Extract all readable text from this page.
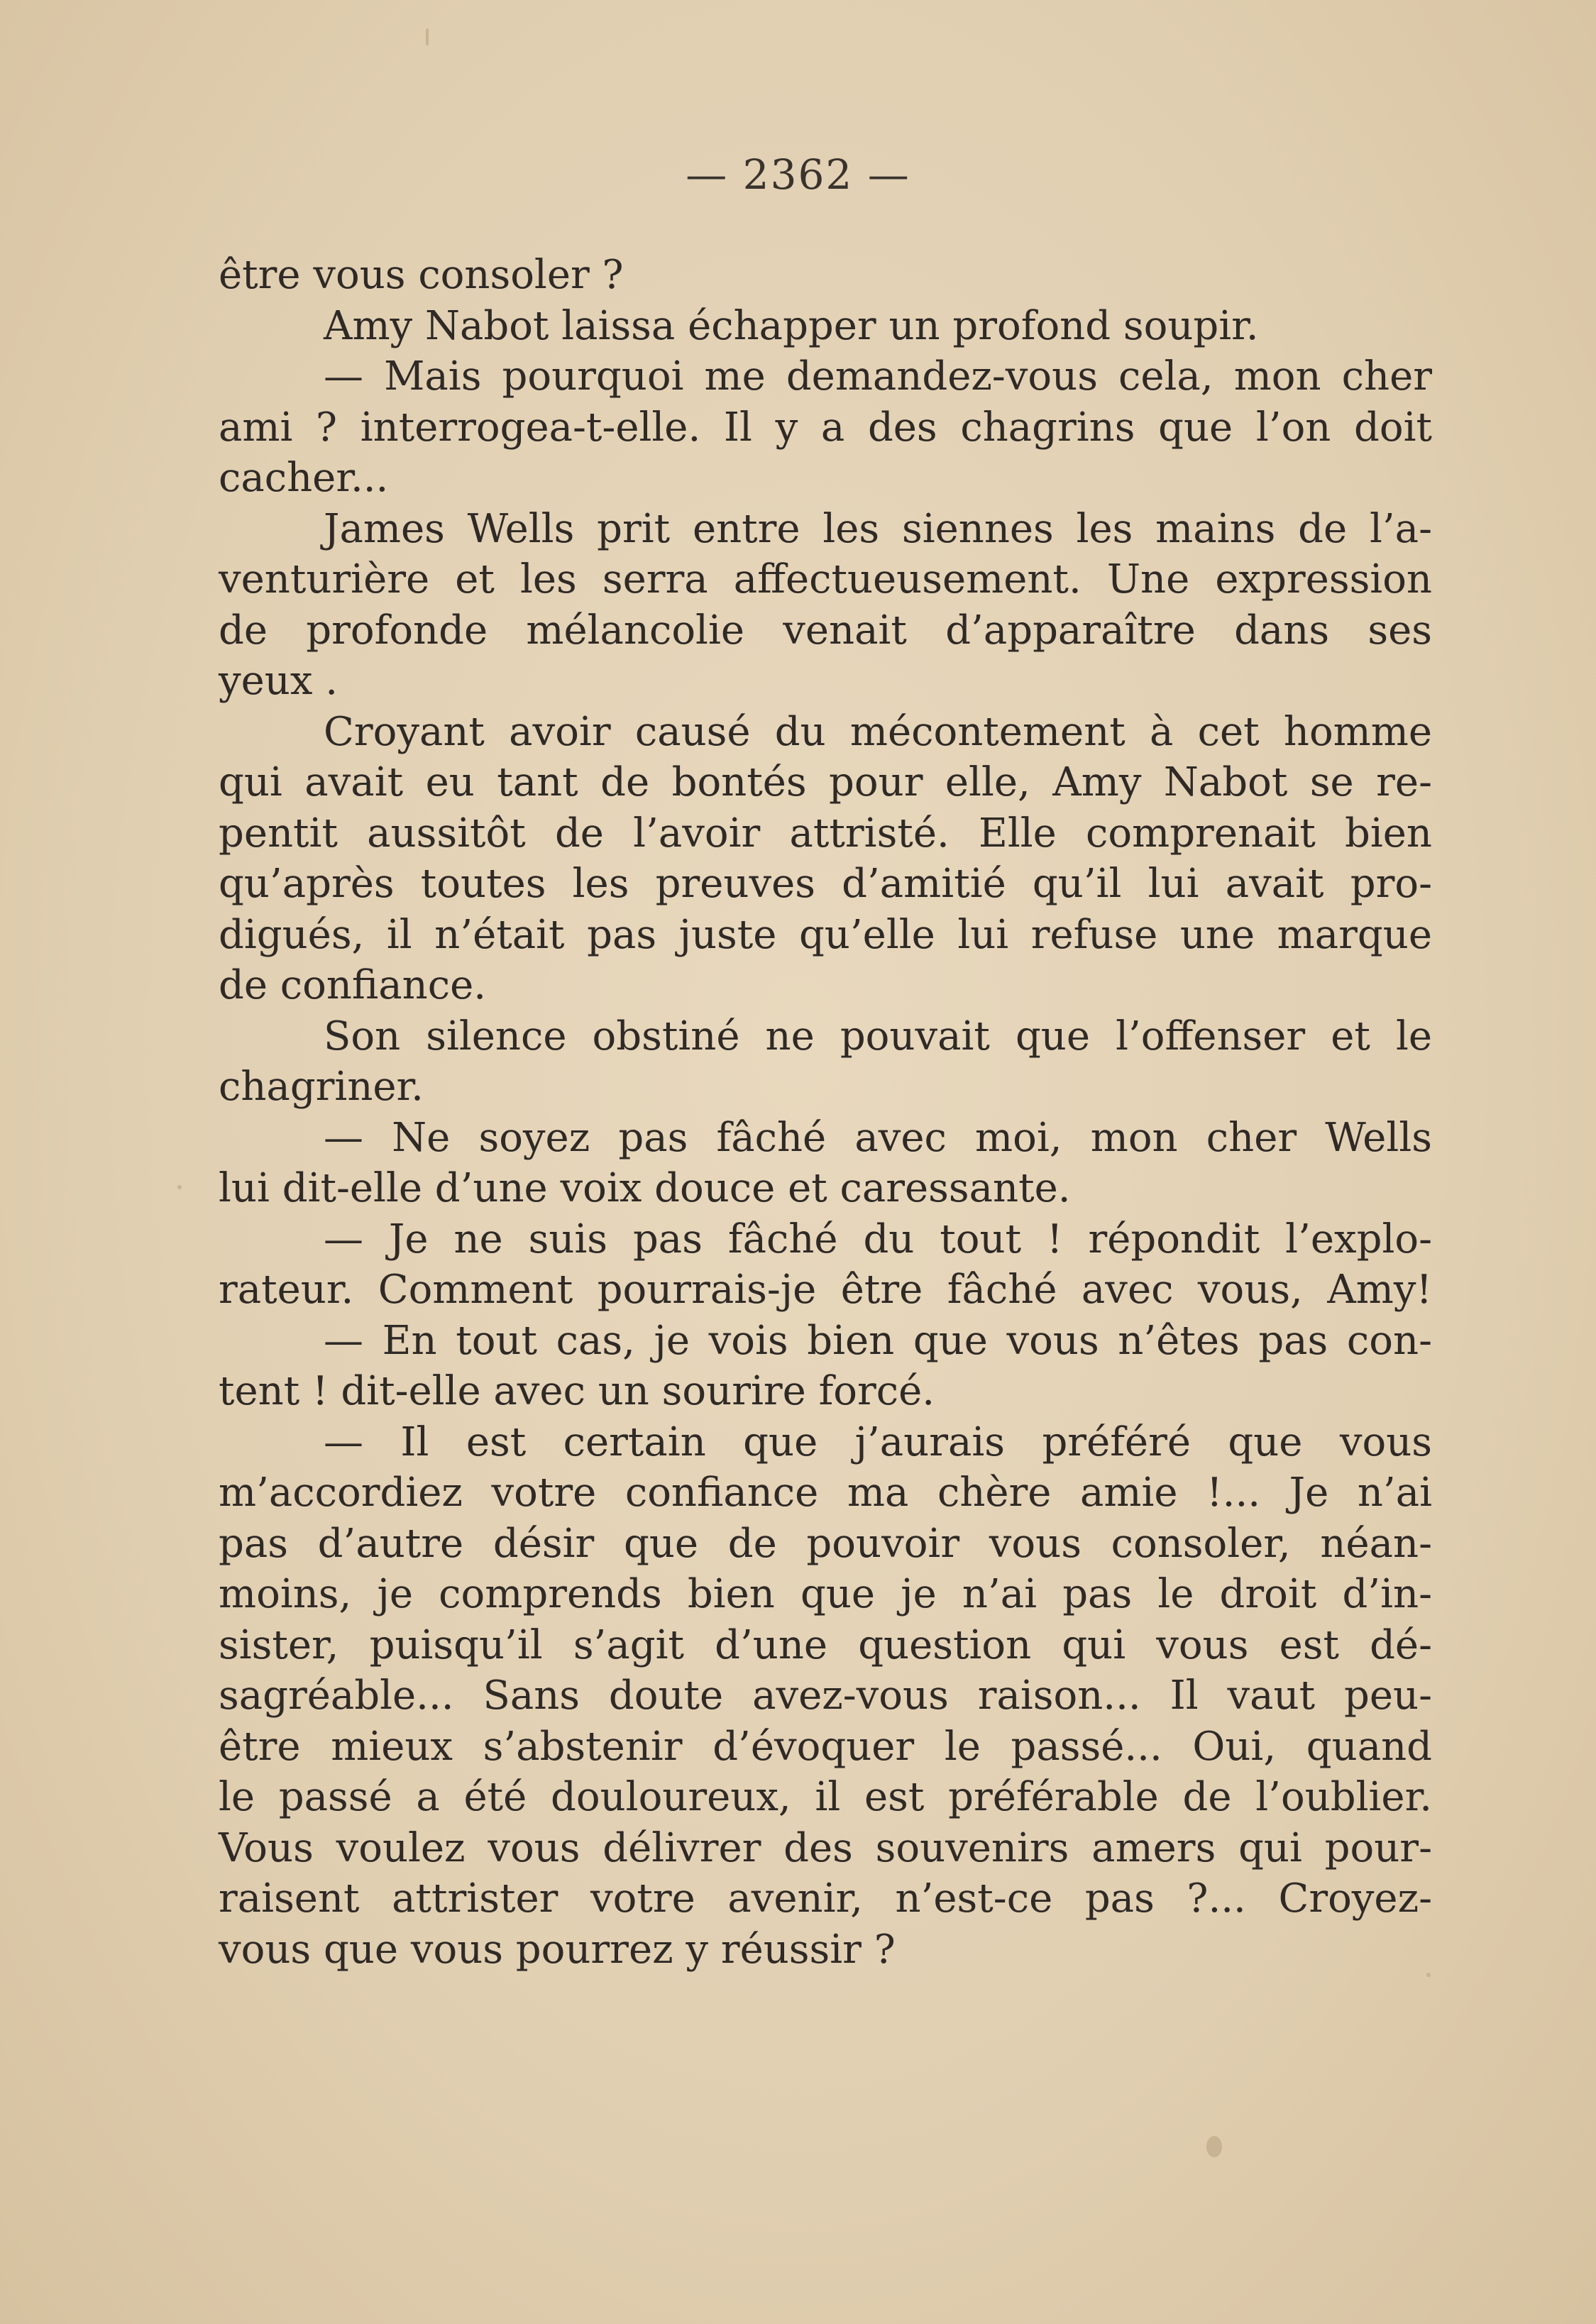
— 2362 —
être vous consoler ?
Amy Nabot laissa échapper un profond soupir.
— Mais pourquoi me demandez-vous cela, mon cher
ami ? interrogea-t-elle. Il y a des chagrins que l’on doit
cacher...
James Wells prit entre les siennes les mains de l’a-
venturière et les serra affectueusement. Une expression
de profonde mélancolie venait d’apparaître dans ses
yeux .
Croyant avoir causé du mécontement à cet homme
qui avait eu tant de bontés pour elle, Amy Nabot se re-
pentit aussitôt de l’avoir attristé. Elle comprenait bien
qu’après toutes les preuves d’amitié qu’il lui avait pro-
digués, il n’était pas juste qu’elle lui refuse une marque
de confiance.
Son silence obstiné ne pouvait que l’offenser et le
chagriner.
— Ne soyez pas fâché avec moi, mon cher Wells
lui dit-elle d’une voix douce et caressante.
— Je ne suis pas fâché du tout ! répondit l’explo-
rateur. Comment pourrais-je être fâché avec vous, Amy!
— En tout cas, je vois bien que vous n’êtes pas con-
tent ! dit-elle avec un sourire forcé.
— Il est certain que j’aurais préféré que vous
m’accordiez votre confiance ma chère amie !... Je n’ai
pas d’autre désir que de pouvoir vous consoler, néan-
moins, je comprends bien que je n’ai pas le droit d’in-
sister, puisqu’il s’agit d’une question qui vous est dé-
sagréable... Sans doute avez-vous raison... Il vaut peu-
être mieux s’abstenir d’évoquer le passé... Oui, quand
le passé a été douloureux, il est préférable de l’oublier.
Vous voulez vous délivrer des souvenirs amers qui pour-
raisent attrister votre avenir, n’est-ce pas ?... Croyez-
vous que vous pourrez y réussir ?
